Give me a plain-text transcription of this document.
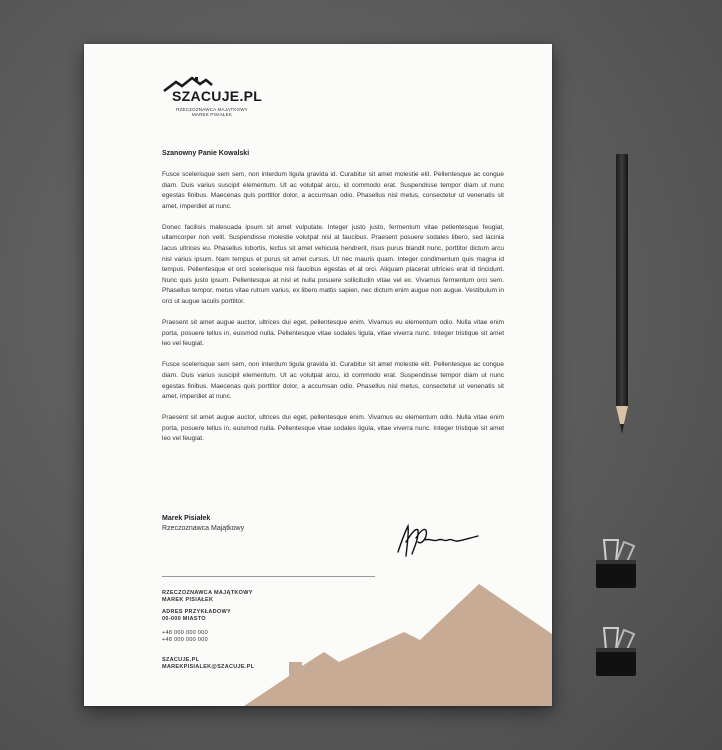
SZACUJE.PL
RZECZOZNAWCA MAJĄTKOWY
MAREK PISIAŁEK
Szanowny Panie Kowalski

Fusce scelerisque sem sem, non interdum ligula gravida id. Curabitur sit amet molestie elit. Pellentesque ac congue diam. Duis varius suscipit elementum. Ut ac volutpat arcu, id commodo erat. Suspendisse tempor diam ut nunc egestas finibus. Maecenas quis porttitor dolor, a accumsan odio. Phasellus nisl metus, consectetur ut venenatis sit amet, imperdiet at nunc.

Donec facilisis malesuada ipsum sit amet vulputate. Integer justo justo, fermentum vitae pellentesque feugiat, ullamcorper non velit. Suspendisse molestie volutpat nisl at faucibus. Praesent posuere sodales libero, sed lacinia lacus ultrices eu. Phasellus lobortis, lectus sit amet vehicula hendrerit, risus purus blandit nunc, porttitor dictum arcu nisl varius ipsum. Nam tempus et purus sit amet cursus. Ut nec mauris quam. Integer condimentum quis magna id tempus. Pellentesque et orci scelerisque nisi faucibus egestas et at orci. Aliquam placerat ultricies erat id tincidunt. Nunc quis justo ipsum. Pellentesque at nisl et nulla posuere sollicitudin vitae vel ex. Vivamus fermentum orci sem. Phasellus tempor, metus vitae rutrum varius, ex libero mattis sapien, nec dictum enim augue non augue. Vestibulum in orci ut augue iaculis porttitor.

Praesent sit amet augue auctor, ultrices dui eget, pellentesque enim. Vivamus eu elementum odio. Nulla vitae enim porta, posuere tellus in, euismod nulla. Pellentesque vitae sodales ligula, vitae viverra nunc. Integer tristique sit amet leo vel feugiat.

Fusce scelerisque sem sem, non interdum ligula gravida id. Curabitur sit amet molestie elit. Pellentesque ac congue diam. Duis varius suscipit elementum. Ut ac volutpat arcu, id commodo erat. Suspendisse tempor diam ut nunc egestas finibus. Maecenas quis porttitor dolor, a accumsan odio. Phasellus nisl metus, consectetur ut venenatis sit amet, imperdiet at nunc.

Praesent sit amet augue auctor, ultrices dui eget, pellentesque enim. Vivamus eu elementum odio. Nulla vitae enim porta, posuere tellus in, euismod nulla. Pellentesque vitae sodales ligula, vitae viverra nunc. Integer tristique sit amet leo vel feugiat.

Marek Pisiałek
Rzeczoznawca Majątkowy
RZECZOZNAWCA MAJĄTKOWY
MAREK PISIAŁEK
ADRES PRZYKŁADOWY
00-000 MIASTO
+48 000 000 000
+48 000 000 000
SZACUJE.PL
MAREKPISIALEK@SZACUJE.PL
